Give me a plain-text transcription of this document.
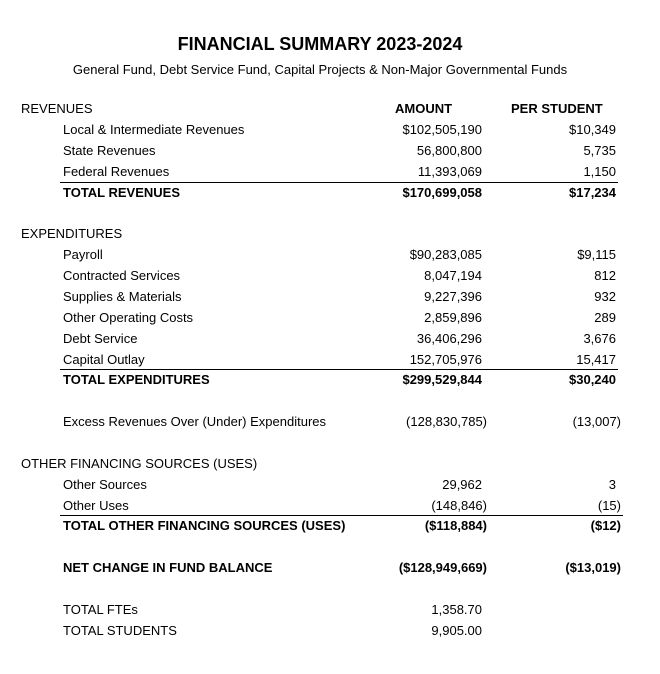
FINANCIAL SUMMARY 2023-2024
General Fund, Debt Service Fund, Capital Projects & Non-Major Governmental Funds
REVENUES	AMOUNT	PER STUDENT
Local & Intermediate Revenues	$102,505,190	$10,349
State Revenues	56,800,800	5,735
Federal Revenues	11,393,069	1,150
TOTAL REVENUES	$170,699,058	$17,234
EXPENDITURES
Payroll	$90,283,085	$9,115
Contracted Services	8,047,194	812
Supplies & Materials	9,227,396	932
Other Operating Costs	2,859,896	289
Debt Service	36,406,296	3,676
Capital Outlay	152,705,976	15,417
TOTAL EXPENDITURES	$299,529,844	$30,240
Excess Revenues Over (Under) Expenditures	(128,830,785)	(13,007)
OTHER FINANCING SOURCES (USES)
Other Sources	29,962	3
Other Uses	(148,846)	(15)
TOTAL OTHER FINANCING SOURCES (USES)	($118,884)	($12)
NET CHANGE IN FUND BALANCE	($128,949,669)	($13,019)
TOTAL FTEs	1,358.70
TOTAL STUDENTS	9,905.00
